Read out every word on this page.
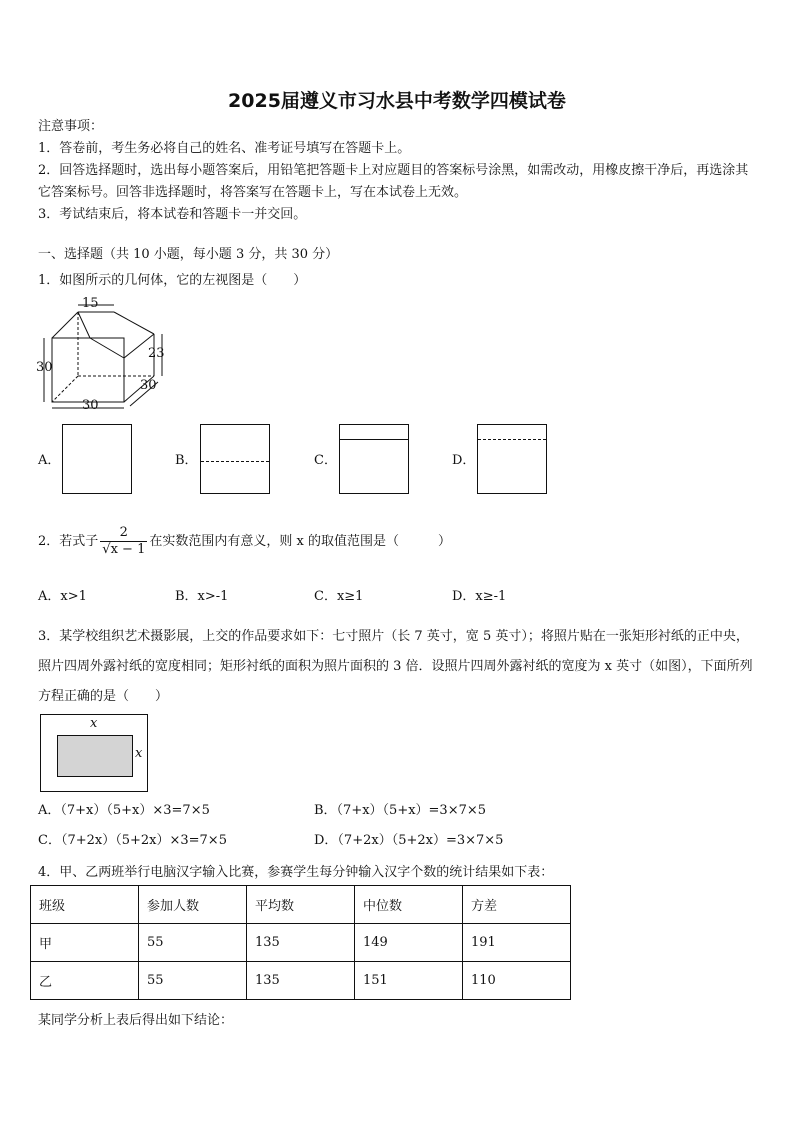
2025届遵义市习水县中考数学四模试卷
注意事项：
1．答卷前，考生务必将自己的姓名、准考证号填写在答题卡上。
2．回答选择题时，选出每小题答案后，用铅笔把答题卡上对应题目的答案标号涂黑，如需改动，用橡皮擦干净后，再选涂其它答案标号。回答非选择题时，将答案写在答题卡上，写在本试卷上无效。
3．考试结束后，将本试卷和答题卡一并交回。
一、选择题（共 10 小题，每小题 3 分，共 30 分）
1．如图所示的几何体，它的左视图是（　　）
15
30
23
30
30
A．	B．	C．	D．
2．若式子 $\frac{2}{√x - 1}$ 在实数范围内有意义，则 x 的取值范围是（　　　）
A．x>1	B．x>-1	C．x≥1	D．x≥-1
3．某学校组织艺术摄影展，上交的作品要求如下：七寸照片（长 7 英寸，宽 5 英寸）；将照片贴在一张矩形衬纸的正中央，照片四周外露衬纸的宽度相同；矩形衬纸的面积为照片面积的 3 倍．设照片四周外露衬纸的宽度为 x 英寸（如图），下面所列方程正确的是（　　）
x
x
A．（7+x）（5+x）×3=7×5	B．（7+x）（5+x）=3×7×5
C．（7+2x）（5+2x）×3=7×5	D．（7+2x）（5+2x）=3×7×5
4．甲、乙两班举行电脑汉字输入比赛，参赛学生每分钟输入汉字个数的统计结果如下表：
班级	参加人数	平均数	中位数	方差
甲	55	135	149	191
乙	55	135	151	110
某同学分析上表后得出如下结论：
